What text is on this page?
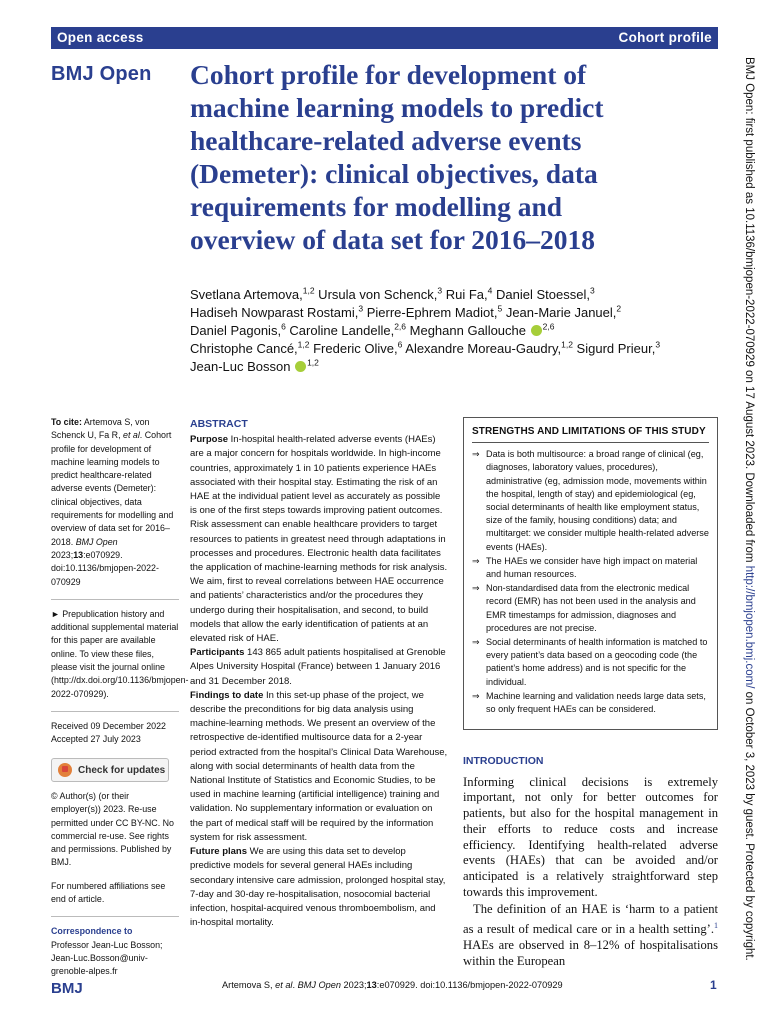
Open access	Cohort profile
BMJ Open Cohort profile for development of
machine learning models to predict
healthcare-related adverse events
(Demeter): clinical objectives, data
requirements for modelling and
overview of data set for 2016–2018	BMJ Open: first published as 10.1136/bmjopen-2022-070929 on 17 August 2023. Downloaded from http://bmjopen.bmj.com/ on October 3, 2023 by guest. Protected by copyright.
Svetlana Artemova,$^{1,2}$ Ursula von Schenck,$^3$ Rui Fa,$^4$ Daniel Stoessel,$^3$
Hadiseh Nowparast Rostami,$^3$ Pierre-Ephrem Madiot,$^5$ Jean-Marie Januel,$^2$
Daniel Pagonis,$^6$ Caroline Landelle,$^{2,6}$ Meghann Gallouche $^{2,6}$
Christophe Cancé,$^{1,2}$ Frederic Olive,$^6$ Alexandre Moreau-Gaudry,$^{1,2}$ Sigurd Prieur,$^3$
Jean-Luc Bosson $^{1,2}$
To cite: Artemova S, von Schenck U, Fa R, et al. Cohort profile for development of machine learning models to predict healthcare-related adverse events (Demeter): clinical objectives, data requirements for modelling and overview of data set for 2016–2018. BMJ Open 2023;13:e070929. doi:10.1136/bmjopen-2022-070929
► Prepublication history and additional supplemental material for this paper are available online. To view these files, please visit the journal online (http://dx.doi.org/10.1136/bmjopen-2022-070929).
Received 09 December 2022
Accepted 27 July 2023
Check for updates
© Author(s) (or their employer(s)) 2023. Re-use permitted under CC BY-NC. No commercial re-use. See rights and permissions. Published by BMJ.
For numbered affiliations see end of article.
Correspondence to
Professor Jean-Luc Bosson; Jean-Luc.Bosson@univ-grenoble-alpes.fr
ABSTRACT

Purpose In-hospital health-related adverse events (HAEs) are a major concern for hospitals worldwide. In high-income countries, approximately 1 in 10 patients experience HAEs associated with their hospital stay. Estimating the risk of an HAE at the individual patient level as accurately as possible is one of the first steps towards improving patient outcomes. Risk assessment can enable healthcare providers to target resources to patients in greatest need through adaptations in processes and procedures. Electronic health data facilitates the application of machine-learning methods for risk analysis. We aim, first to reveal correlations between HAE occurrence and patients’ characteristics and/or the procedures they undergo during their hospitalisation, and second, to build models that allow the early identification of patients at an elevated risk of HAE.

Participants 143 865 adult patients hospitalised at Grenoble Alpes University Hospital (France) between 1 January 2016 and 31 December 2018.

Findings to date In this set-up phase of the project, we describe the preconditions for big data analysis using machine-learning methods. We present an overview of the retrospective de-identified multisource data for a 2-year period extracted from the hospital’s Clinical Data Warehouse, along with social determinants of health data from the National Institute of Statistics and Economic Studies, to be used in machine learning (artificial intelligence) training and validation. No supplementary information or evaluation on the part of medical staff will be required by the information system for risk assessment.

Future plans We are using this data set to develop predictive models for several general HAEs including secondary intensive care admission, prolonged hospital stay, 7-day and 30-day re-hospitalisation, nosocomial bacterial infection, hospital-acquired venous thromboembolism, and in-hospital mortality.

STRENGTHS AND LIMITATIONS OF THIS STUDY
⇒ Data is both multisource: a broad range of clinical (eg, diagnoses, laboratory values, procedures), administrative (eg, admission mode, movements within the hospital, length of stay) and epidemiological (eg, social determinants of health like employment status, size of the family, housing conditions) data; and multitarget: we consider multiple health-related adverse events (HAEs).
⇒ The HAEs we consider have high impact on material and human resources.
⇒ Non-standardised data from the electronic medical record (EMR) has not been used in the analysis and EMR timestamps for admission, diagnoses and procedures are not precise.
⇒ Social determinants of health information is matched to every patient’s data based on a geocoding code (the patient’s home address) and is not specific for the individual.
⇒ Machine learning and validation needs large data sets, so only frequent HAEs can be considered.
INTRODUCTION

Informing clinical decisions is extremely important, not only for better outcomes for patients, but also for the hospital management in their efforts to reduce costs and increase efficiency. Identifying health-related adverse events (HAEs) that can be avoided and/or anticipated is a relatively straightforward step towards this improvement.

The definition of an HAE is ‘harm to a patient as a result of medical care or in a health setting’.$^1$ HAEs are observed in 8–12% of hospitalisations within the European

BMJ	Artemova S, et al. BMJ Open 2023;13:e070929. doi:10.1136/bmjopen-2022-070929	1
